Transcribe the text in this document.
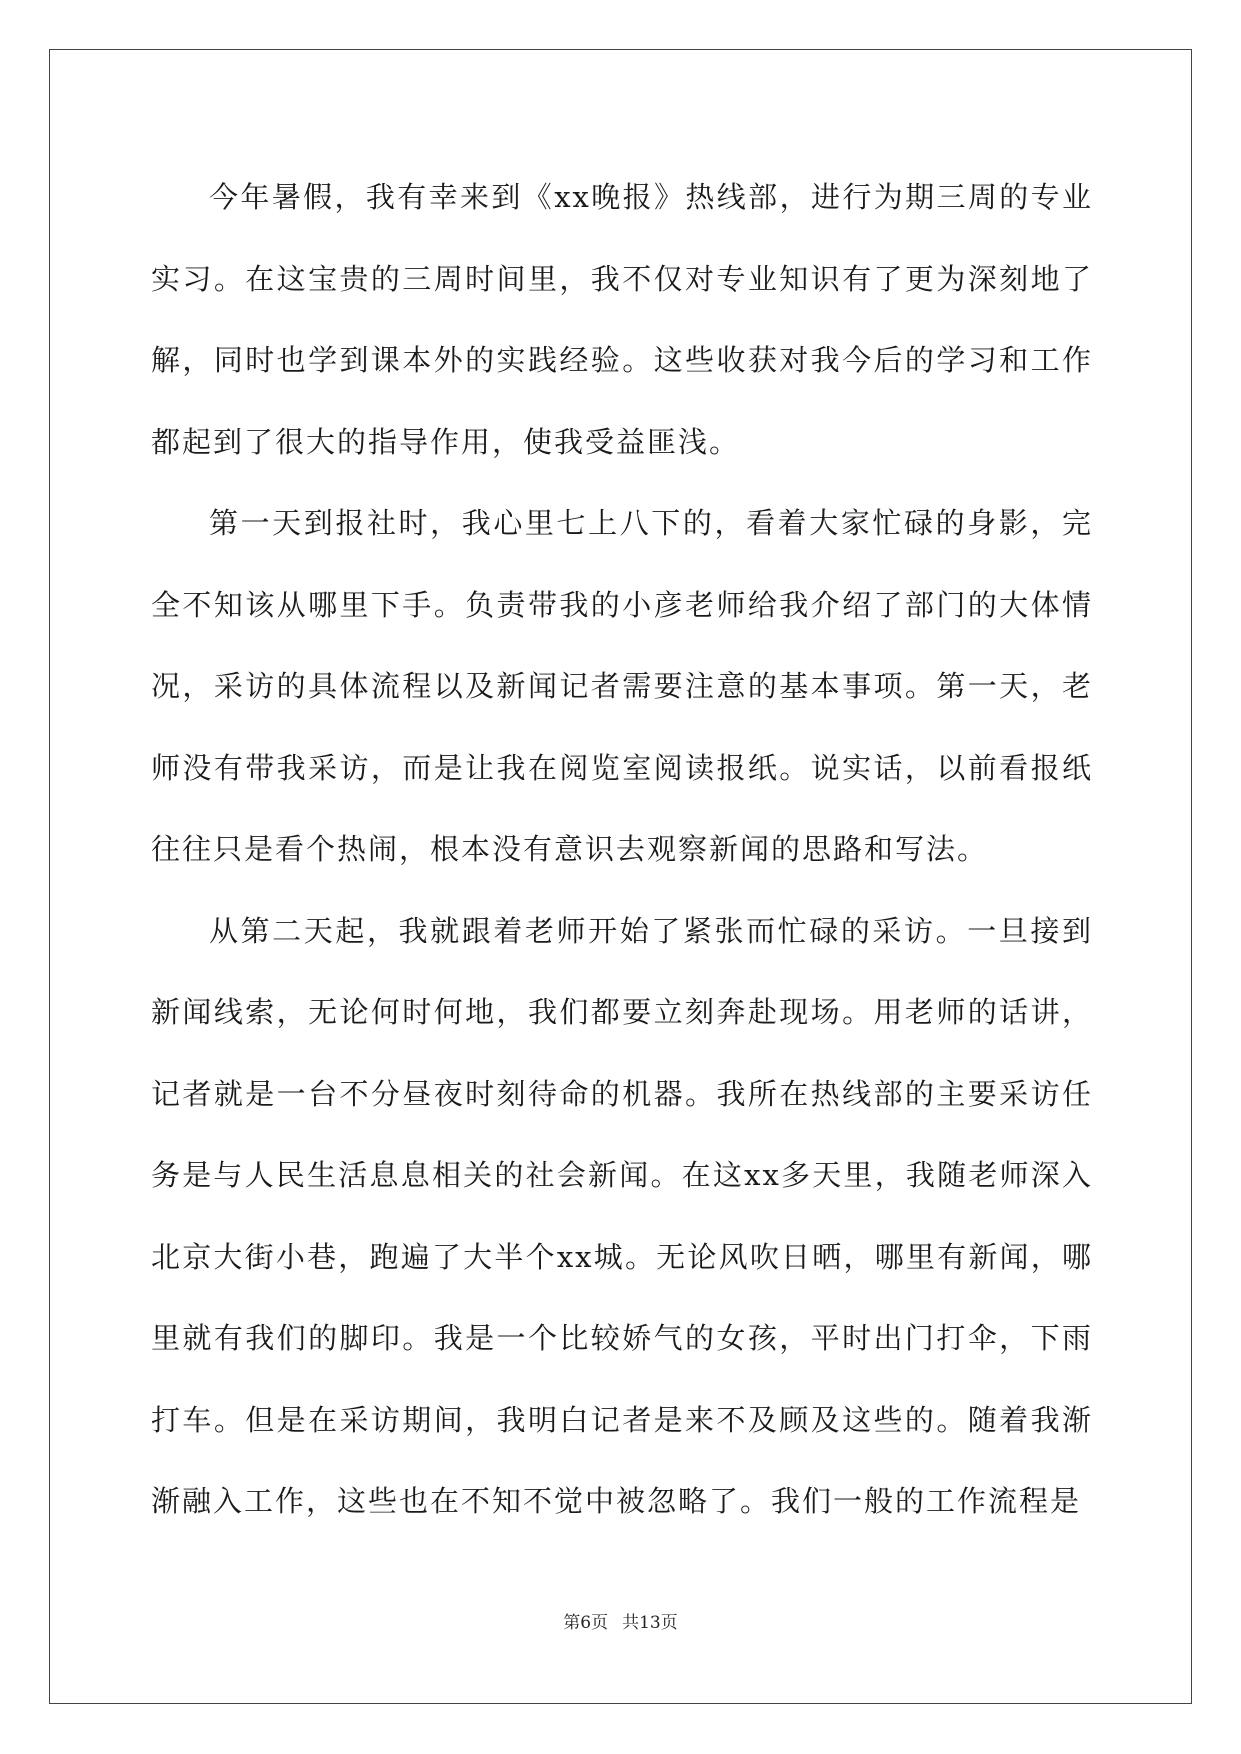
今年暑假，我有幸来到《xx晚报》热线部，进行为期三周的专业实习。在这宝贵的三周时间里，我不仅对专业知识有了更为深刻地了解，同时也学到课本外的实践经验。这些收获对我今后的学习和工作都起到了很大的指导作用，使我受益匪浅。

第一天到报社时，我心里七上八下的，看着大家忙碌的身影，完全不知该从哪里下手。负责带我的小彦老师给我介绍了部门的大体情况，采访的具体流程以及新闻记者需要注意的基本事项。第一天，老师没有带我采访，而是让我在阅览室阅读报纸。说实话，以前看报纸往往只是看个热闹，根本没有意识去观察新闻的思路和写法。

从第二天起，我就跟着老师开始了紧张而忙碌的采访。一旦接到新闻线索，无论何时何地，我们都要立刻奔赴现场。用老师的话讲，记者就是一台不分昼夜时刻待命的机器。我所在热线部的主要采访任务是与人民生活息息相关的社会新闻。在这xx多天里，我随老师深入北京大街小巷，跑遍了大半个xx城。无论风吹日晒，哪里有新闻，哪里就有我们的脚印。我是一个比较娇气的女孩，平时出门打伞，下雨打车。但是在采访期间，我明白记者是来不及顾及这些的。随着我渐渐融入工作，这些也在不知不觉中被忽略了。我们一般的工作流程是

第6页 共13页
